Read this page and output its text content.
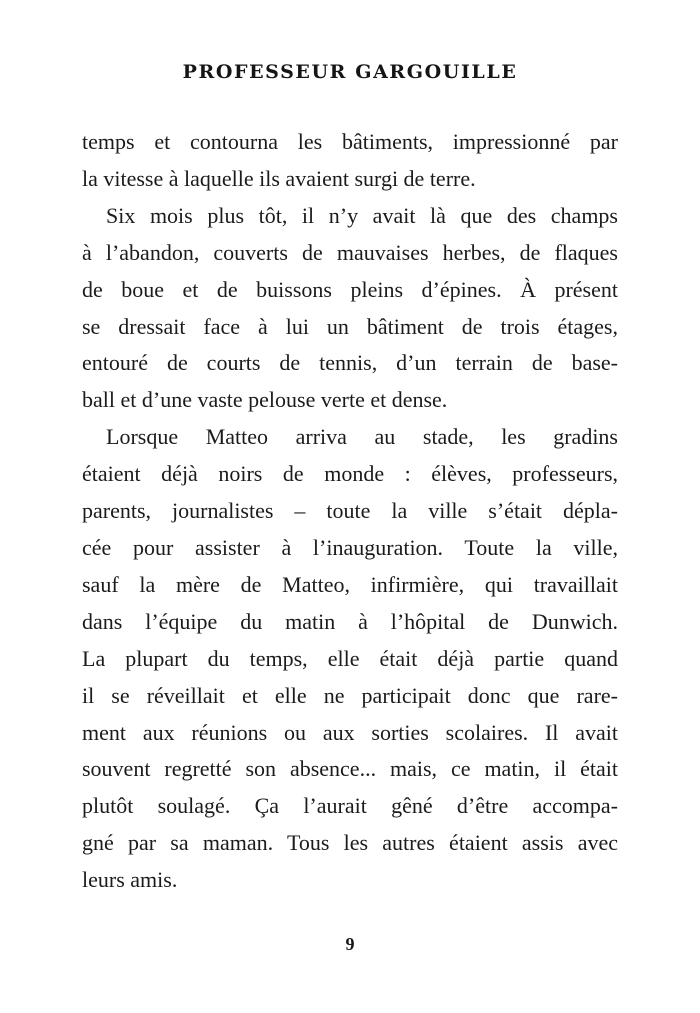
PROFESSEUR GARGOUILLE
temps et contourna les bâtiments, impressionné par
la vitesse à laquelle ils avaient surgi de terre.
Six mois plus tôt, il n’y avait là que des champs
à l’abandon, couverts de mauvaises herbes, de flaques
de boue et de buissons pleins d’épines. À présent
se dressait face à lui un bâtiment de trois étages,
entouré de courts de tennis, d’un terrain de base-
ball et d’une vaste pelouse verte et dense.
Lorsque Matteo arriva au stade, les gradins
étaient déjà noirs de monde : élèves, professeurs,
parents, journalistes – toute la ville s’était dépla-
cée pour assister à l’inauguration. Toute la ville,
sauf la mère de Matteo, infirmière, qui travaillait
dans l’équipe du matin à l’hôpital de Dunwich.
La plupart du temps, elle était déjà partie quand
il se réveillait et elle ne participait donc que rare-
ment aux réunions ou aux sorties scolaires. Il avait
souvent regretté son absence... mais, ce matin, il était
plutôt soulagé. Ça l’aurait gêné d’être accompa-
gné par sa maman. Tous les autres étaient assis avec
leurs amis.
9
